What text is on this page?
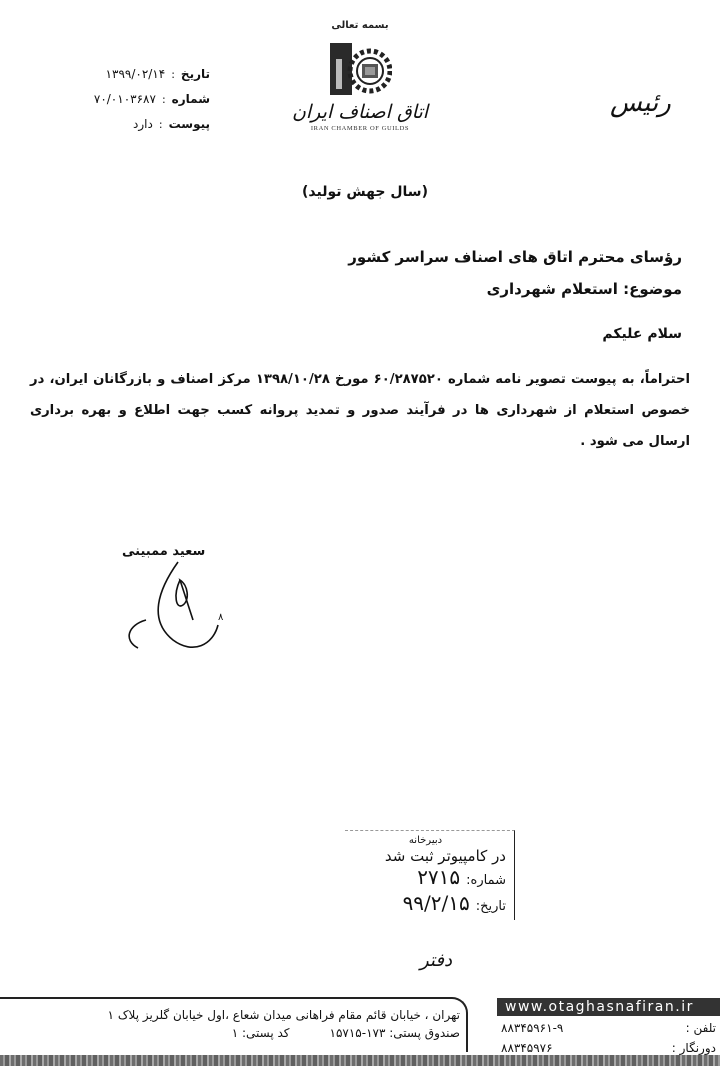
تاریخ
:
۱۳۹۹/۰۲/۱۴
شماره
:
۷۰/۰۱۰۳۶۸۷
پیوست
:
دارد
بسمه تعالی
اتاق اصناف ایران
IRAN CHAMBER OF GUILDS
رئیس
(سال جهش تولید)
رؤسای محترم اتاق های اصناف سراسر کشور
موضوع: استعلام شهرداری
سلام علیکم
احتراماً، به پیوست تصویر نامه شماره ۶۰/۲۸۷۵۲۰ مورخ ۱۳۹۸/۱۰/۲۸ مرکز اصناف و بازرگانان ایران، در خصوص استعلام از شهرداری ها در فرآیند صدور و تمدید پروانه کسب جهت اطلاع و بهره برداری ارسال می شود .
سعید ممبینی
۸
دبیرخانه
در کامپیوتر ثبت شد
شماره:
۲۷۱۵
تاریخ:
۹۹/۲/۱۵
دفتر
تهران ، خیابان قائم مقام فراهانی میدان شعاع ،اول خیابان گلریز پلاک ۱
صندوق پستی: ۱۷۳-۱۵۷۱۵
کد پستی: ۱
www.otaghasnafiran.ir
تلفن :
۸۸۳۴۵۹۶۱-۹
دورنگار :
۸۸۳۴۵۹۷۶
